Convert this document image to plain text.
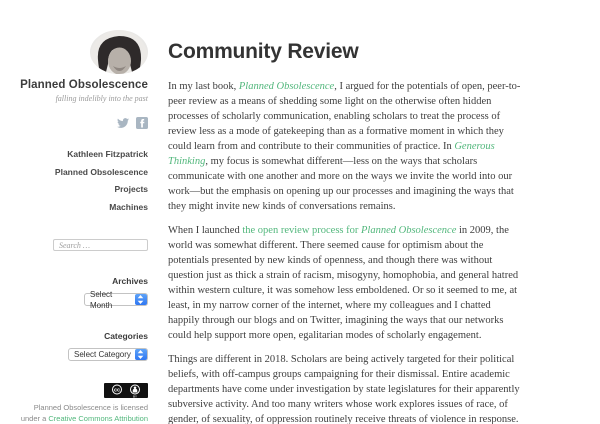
Planned Obsolescence
falling indelibly into the past
Kathleen Fitzpatrick
Planned Obsolescence
Projects
Machines
Search …
Archives
Select Month
Categories
Select Category
cc
BY
Planned Obsolescence is licensed
under a Creative Commons Attribution
Community Review

In my last book, Planned Obsolescence, I argued for the potentials of open, peer-to-peer review as a means of shedding some light on the otherwise often hidden processes of scholarly communication, enabling scholars to treat the process of review less as a mode of gatekeeping than as a formative moment in which they could learn from and contribute to their communities of practice. In Generous Thinking, my focus is somewhat different—less on the ways that scholars communicate with one another and more on the ways we invite the world into our work—but the emphasis on opening up our processes and imagining the ways that they might invite new kinds of conversations remains.

When I launched the open review process for Planned Obsolescence in 2009, the world was somewhat different. There seemed cause for optimism about the potentials presented by new kinds of openness, and though there was without question just as thick a strain of racism, misogyny, homophobia, and general hatred within western culture, it was somehow less emboldened. Or so it seemed to me, at least, in my narrow corner of the internet, where my colleagues and I chatted happily through our blogs and on Twitter, imagining the ways that our networks could help support more open, egalitarian modes of scholarly engagement.

Things are different in 2018. Scholars are being actively targeted for their political beliefs, with off-campus groups campaigning for their dismissal. Entire academic departments have come under investigation by state legislatures for their apparently subversive activity. And too many writers whose work explores issues of race, of gender, of sexuality, of oppression routinely receive threats of violence in response.
